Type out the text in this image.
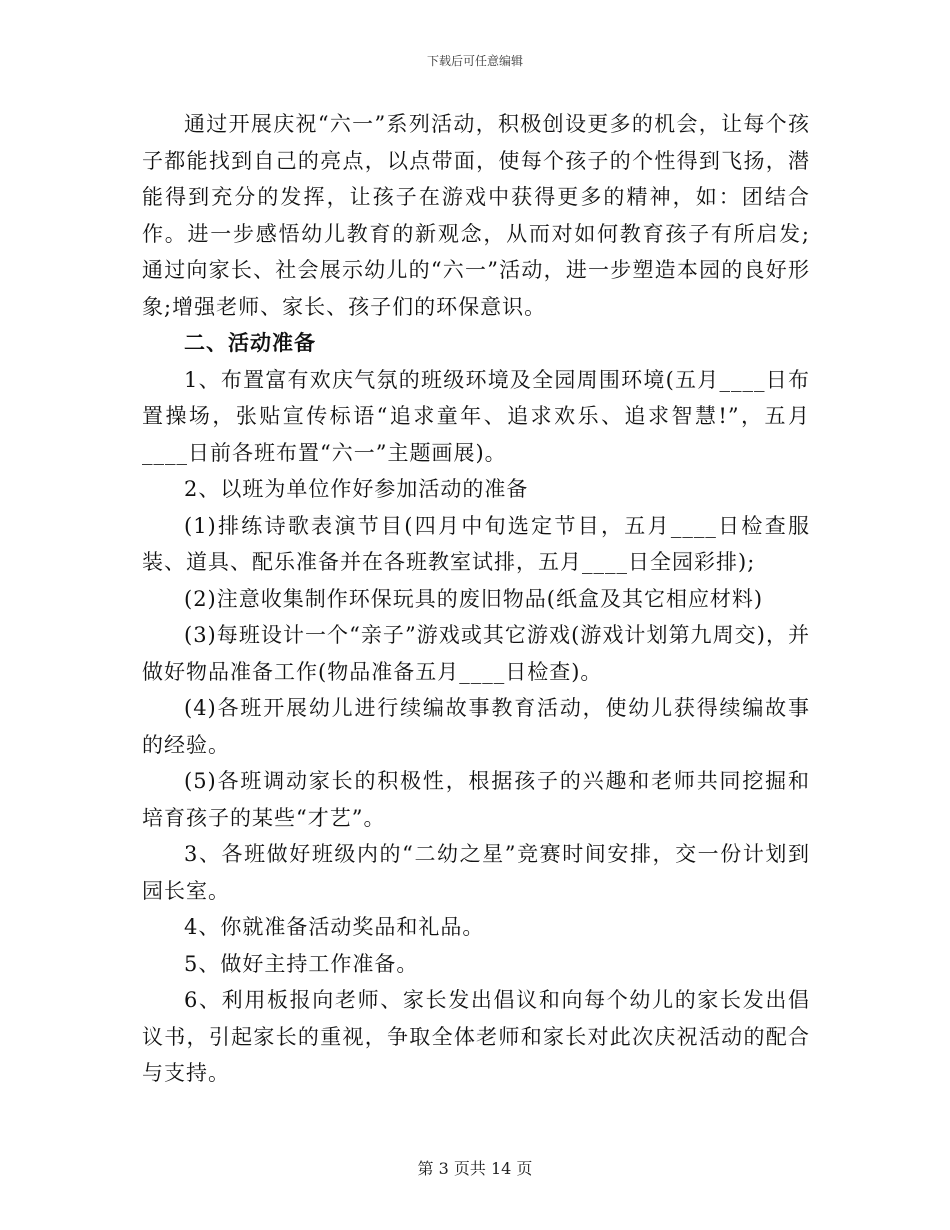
下载后可任意编辑

通过开展庆祝“六一”系列活动，积极创设更多的机会，让每个孩子都能找到自己的亮点，以点带面，使每个孩子的个性得到飞扬，潜能得到充分的发挥，让孩子在游戏中获得更多的精神，如：团结合作。进一步感悟幼儿教育的新观念，从而对如何教育孩子有所启发;通过向家长、社会展示幼儿的“六一”活动，进一步塑造本园的良好形象;增强老师、家长、孩子们的环保意识。

二、活动准备

1、布置富有欢庆气氛的班级环境及全园周围环境(五月____日布置操场，张贴宣传标语“追求童年、追求欢乐、追求智慧!”，五月____日前各班布置“六一”主题画展)。

2、以班为单位作好参加活动的准备

(1)排练诗歌表演节目(四月中旬选定节目，五月____日检查服装、道具、配乐准备并在各班教室试排，五月____日全园彩排);

(2)注意收集制作环保玩具的废旧物品(纸盒及其它相应材料)

(3)每班设计一个“亲子”游戏或其它游戏(游戏计划第九周交)，并做好物品准备工作(物品准备五月____日检查)。

(4)各班开展幼儿进行续编故事教育活动，使幼儿获得续编故事的经验。

(5)各班调动家长的积极性，根据孩子的兴趣和老师共同挖掘和培育孩子的某些“才艺”。

3、各班做好班级内的“二幼之星”竞赛时间安排，交一份计划到园长室。

4、你就准备活动奖品和礼品。

5、做好主持工作准备。

6、利用板报向老师、家长发出倡议和向每个幼儿的家长发出倡议书，引起家长的重视，争取全体老师和家长对此次庆祝活动的配合与支持。

第 3 页共 14 页
